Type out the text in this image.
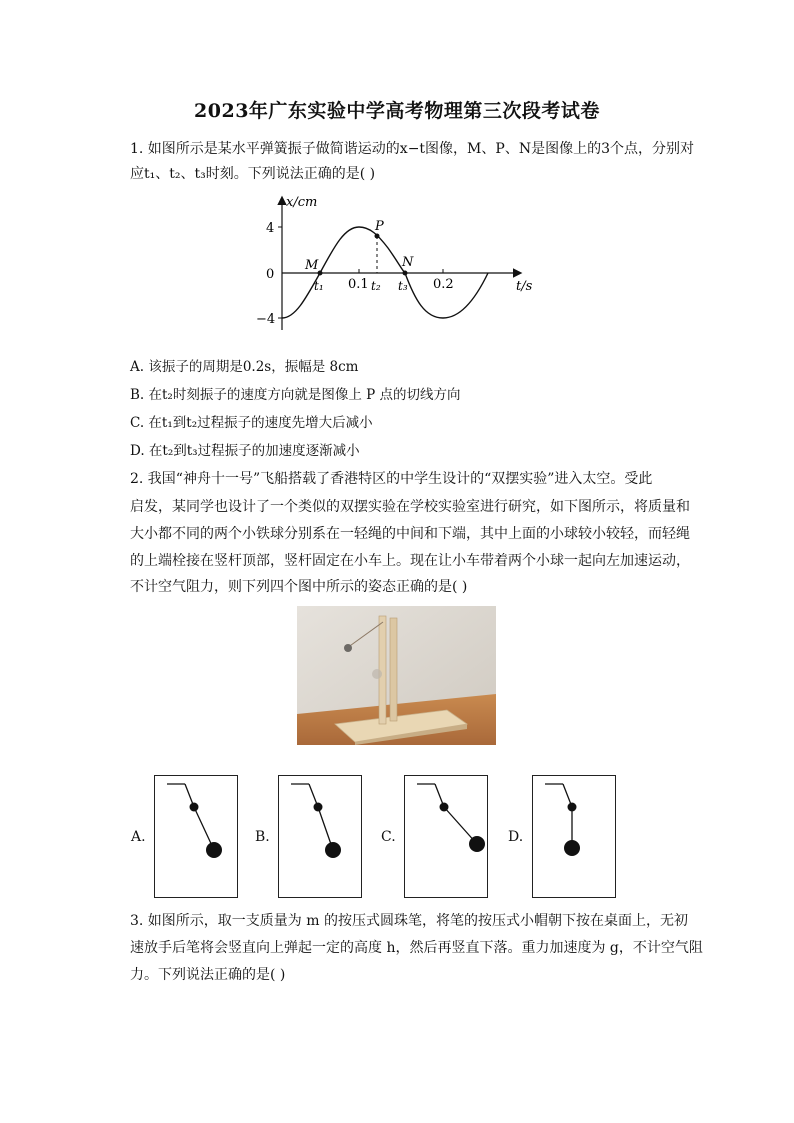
2023年广东实验中学高考物理第三次段考试卷
1. 如图所示是某水平弹簧振子做简谐运动的x−t图像，M、P、N是图像上的3个点，分别对
应t₁、t₂、t₃时刻。下列说法正确的是( )
x/cm
t/s
4
0
−4
0.1	0.2
M
P
N
t₁	t₂ t₃
A. 该振子的周期是0.2s，振幅是 8cm
B. 在t₂时刻振子的速度方向就是图像上 P 点的切线方向
C. 在t₁到t₂过程振子的速度先增大后减小
D. 在t₂到t₃过程振子的加速度逐渐减小
2. 我国“神舟十一号”飞船搭载了香港特区的中学生设计的“双摆实验”进入太空。受此
启发，某同学也设计了一个类似的双摆实验在学校实验室进行研究，如下图所示，将质量和
大小都不同的两个小铁球分别系在一轻绳的中间和下端，其中上面的小球较小较轻，而轻绳
的上端栓接在竖杆顶部，竖杆固定在小车上。现在让小车带着两个小球一起向左加速运动，
不计空气阻力，则下列四个图中所示的姿态正确的是( )
A.	B.	C.	D.
3. 如图所示，取一支质量为 m 的按压式圆珠笔，将笔的按压式小帽朝下按在桌面上，无初
速放手后笔将会竖直向上弹起一定的高度 h，然后再竖直下落。重力加速度为 g，不计空气阻
力。下列说法正确的是( )
